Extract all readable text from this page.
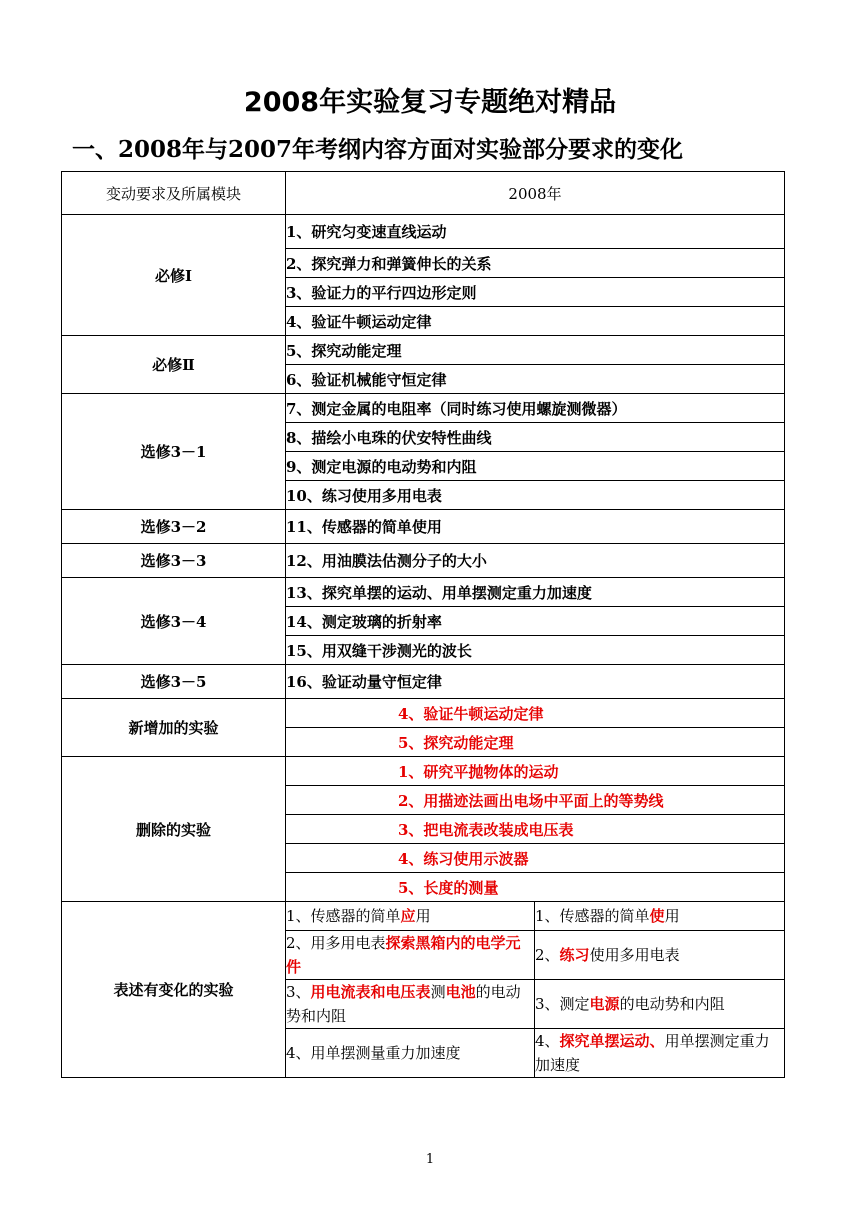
2008年实验复习专题绝对精品
一、2008年与2007年考纲内容方面对实验部分要求的变化
变动要求及所属模块	2008年	
必修Ⅰ	1、研究匀变速直线运动	
	2、探究弹力和弹簧伸长的关系	
	3、验证力的平行四边形定则	
	4、验证牛顿运动定律	
必修Ⅱ	5、探究动能定理	
	6、验证机械能守恒定律	
选修3－1	7、测定金属的电阻率（同时练习使用螺旋测微器）	
	8、描绘小电珠的伏安特性曲线	
	9、测定电源的电动势和内阻	
	10、练习使用多用电表	
选修3－2	11、传感器的简单使用	
选修3－3	12、用油膜法估测分子的大小	
选修3－4	13、探究单摆的运动、用单摆测定重力加速度	
	14、测定玻璃的折射率	
	15、用双缝干涉测光的波长	
选修3－5	16、验证动量守恒定律	
新增加的实验	4、验证牛顿运动定律	
	5、探究动能定理	
删除的实验	1、研究平抛物体的运动	
	2、用描迹法画出电场中平面上的等势线	
	3、把电流表改装成电压表	
	4、练习使用示波器	
	5、长度的测量	
表述有变化的实验	1、传感器的简单应用	1、传感器的简单使用
	2、用多用电表探索黑箱内的电学元件	2、练习使用多用电表
	3、用电流表和电压表测电池的电动势和内阻	3、测定电源的电动势和内阻
	4、用单摆测量重力加速度	4、探究单摆运动、用单摆测定重力加速度
1
